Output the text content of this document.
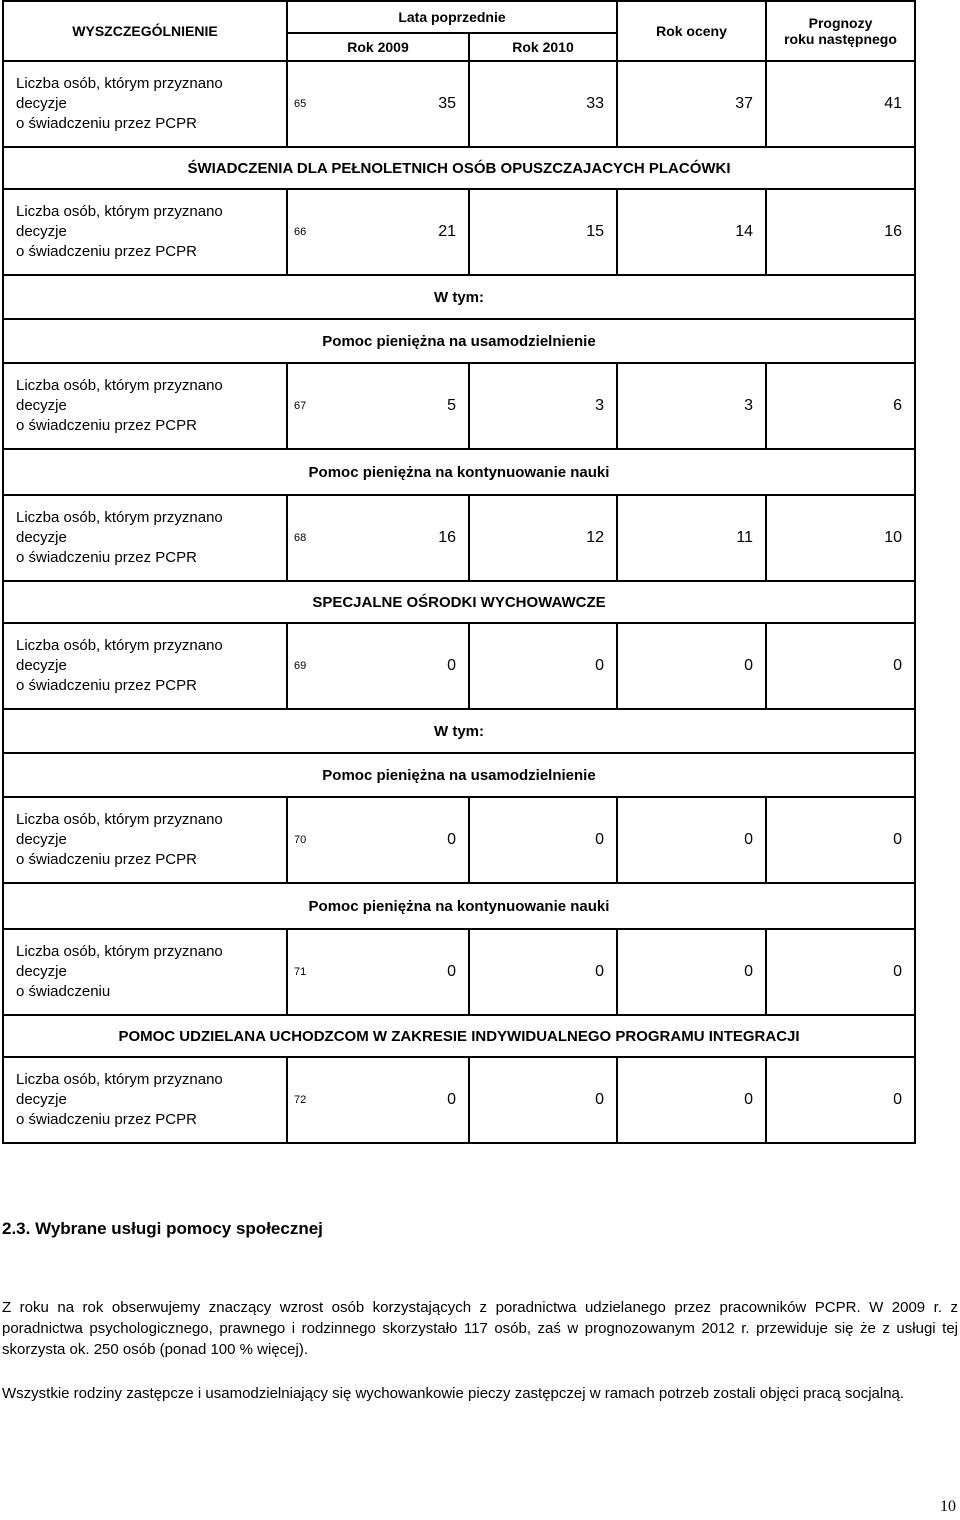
WYSZCZEGÓLNIENIE	Lata poprzednie			Rok oceny	Prognozy
roku następnego
	Rok 2009		Rok 2010		
Liczba osób, którym przyznano
decyzje
o świadczeniu przez PCPR	65	35	33	37	41
ŚWIADCZENIA DLA PEŁNOLETNICH OSÓB OPUSZCZAJACYCH PLACÓWKI					
Liczba osób, którym przyznano
decyzje
o świadczeniu przez PCPR	66	21	15	14	16
W tym:					
Pomoc pieniężna na usamodzielnienie					
Liczba osób, którym przyznano
decyzje
o świadczeniu przez PCPR	67	5	3	3	6
Pomoc pieniężna na kontynuowanie nauki					
Liczba osób, którym przyznano
decyzje
o świadczeniu przez PCPR	68	16	12	11	10
SPECJALNE OŚRODKI WYCHOWAWCZE					
Liczba osób, którym przyznano
decyzje
o świadczeniu przez PCPR	69	0	0	0	0
W tym:					
Pomoc pieniężna na usamodzielnienie					
Liczba osób, którym przyznano
decyzje
o świadczeniu przez PCPR	70	0	0	0	0
Pomoc pieniężna na kontynuowanie nauki					
Liczba osób, którym przyznano
decyzje
o świadczeniu	71	0	0	0	0
POMOC UDZIELANA UCHODZCOM W ZAKRESIE INDYWIDUALNEGO PROGRAMU INTEGRACJI					
Liczba osób, którym przyznano
decyzje
o świadczeniu przez PCPR	72	0	0	0	0
2.3. Wybrane usługi pomocy społecznej

Z roku na rok obserwujemy znaczący wzrost osób korzystających z poradnictwa udzielanego przez pracowników PCPR. W 2009 r. z poradnictwa psychologicznego, prawnego i rodzinnego skorzystało 117 osób, zaś w prognozowanym 2012 r. przewiduje się że z usługi tej skorzysta ok. 250 osób (ponad 100 % więcej).

Wszystkie rodziny zastępcze i usamodzielniający się wychowankowie pieczy zastępczej w ramach potrzeb zostali objęci pracą socjalną.

10
